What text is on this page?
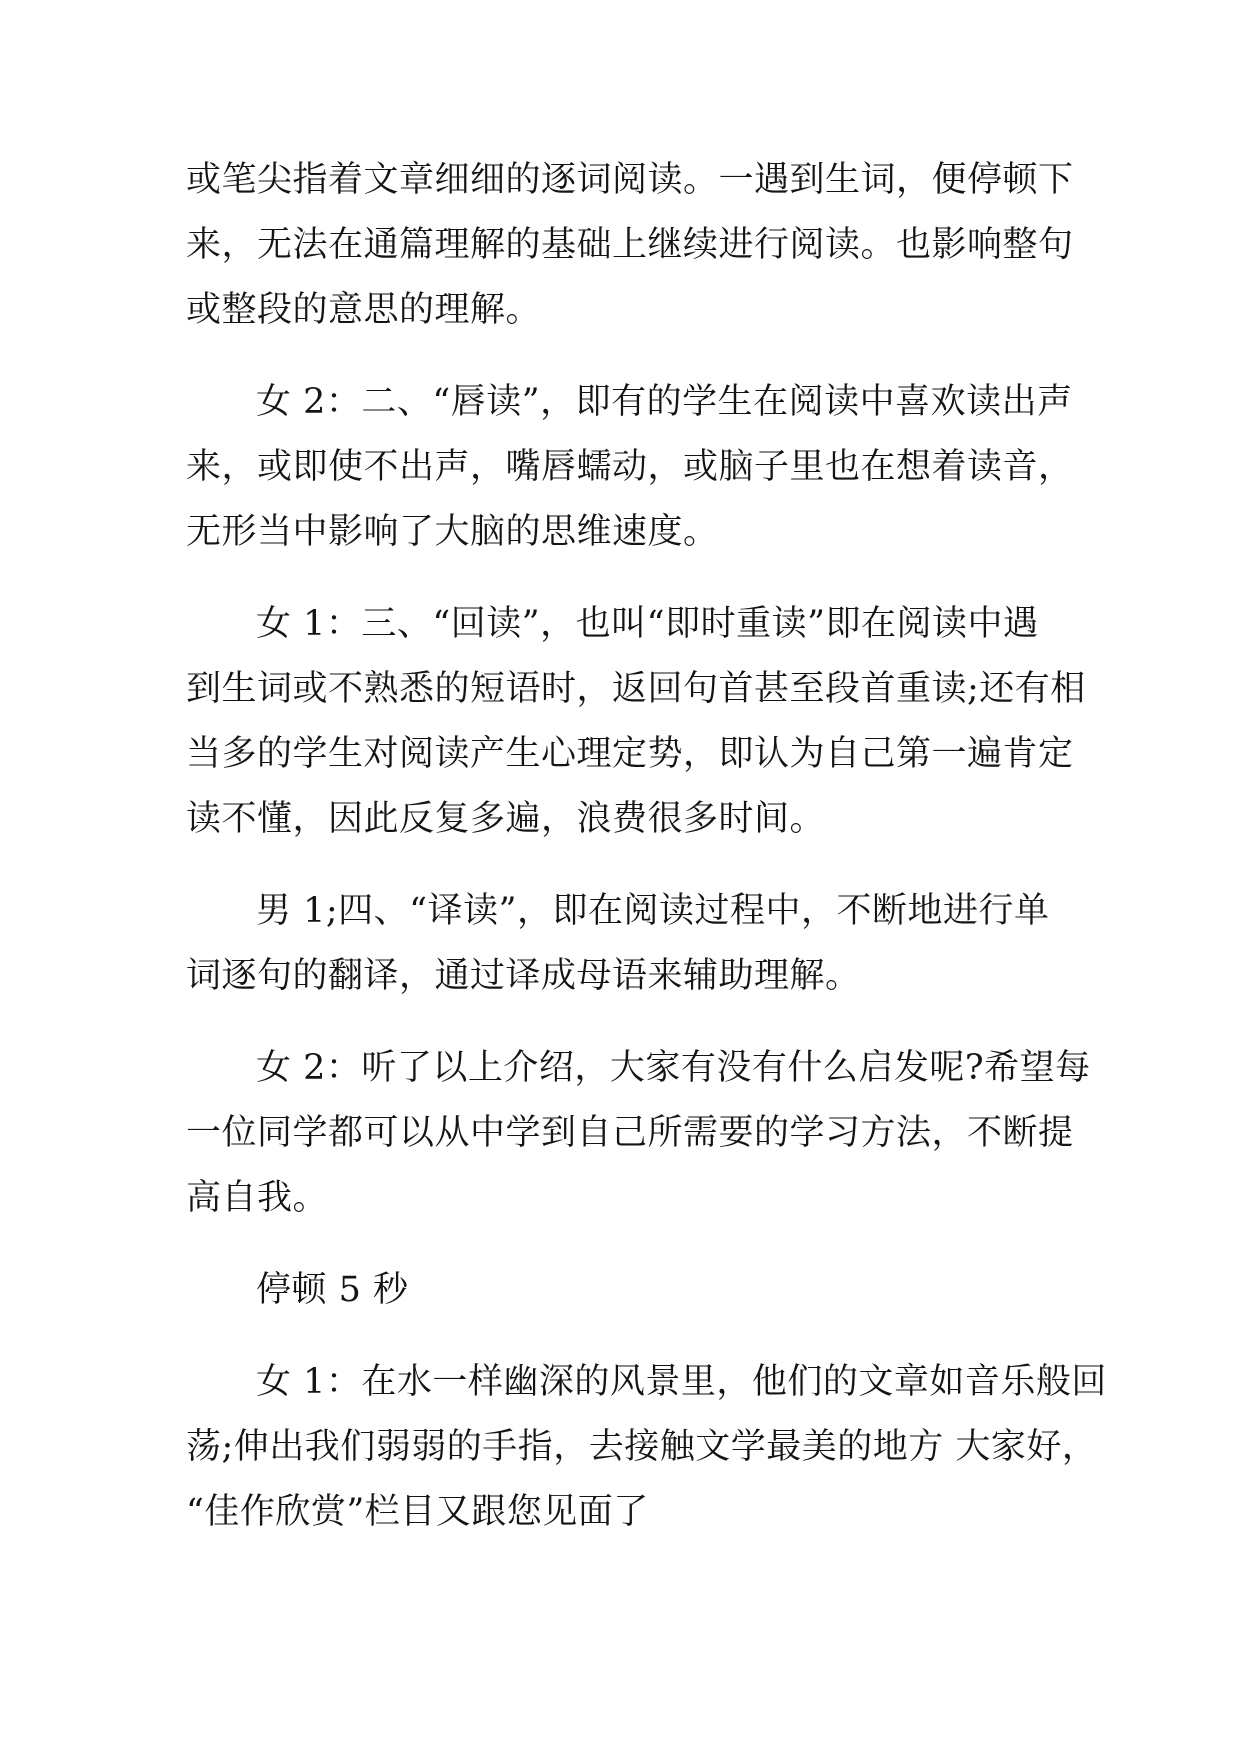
或笔尖指着文章细细的逐词阅读。一遇到生词，便停顿下
来，无法在通篇理解的基础上继续进行阅读。也影响整句
或整段的意思的理解。
女 2：二、“唇读”，即有的学生在阅读中喜欢读出声
来，或即使不出声，嘴唇蠕动，或脑子里也在想着读音，
无形当中影响了大脑的思维速度。
女 1：三、“回读”，也叫“即时重读”即在阅读中遇
到生词或不熟悉的短语时，返回句首甚至段首重读;还有相
当多的学生对阅读产生心理定势，即认为自己第一遍肯定
读不懂，因此反复多遍，浪费很多时间。
男 1;四、“译读”，即在阅读过程中，不断地进行单
词逐句的翻译，通过译成母语来辅助理解。
女 2：听了以上介绍，大家有没有什么启发呢?希望每
一位同学都可以从中学到自己所需要的学习方法，不断提
高自我。
停顿 5 秒
女 1：在水一样幽深的风景里，他们的文章如音乐般回
荡;伸出我们弱弱的手指，去接触文学最美的地方 大家好，
“佳作欣赏”栏目又跟您见面了
